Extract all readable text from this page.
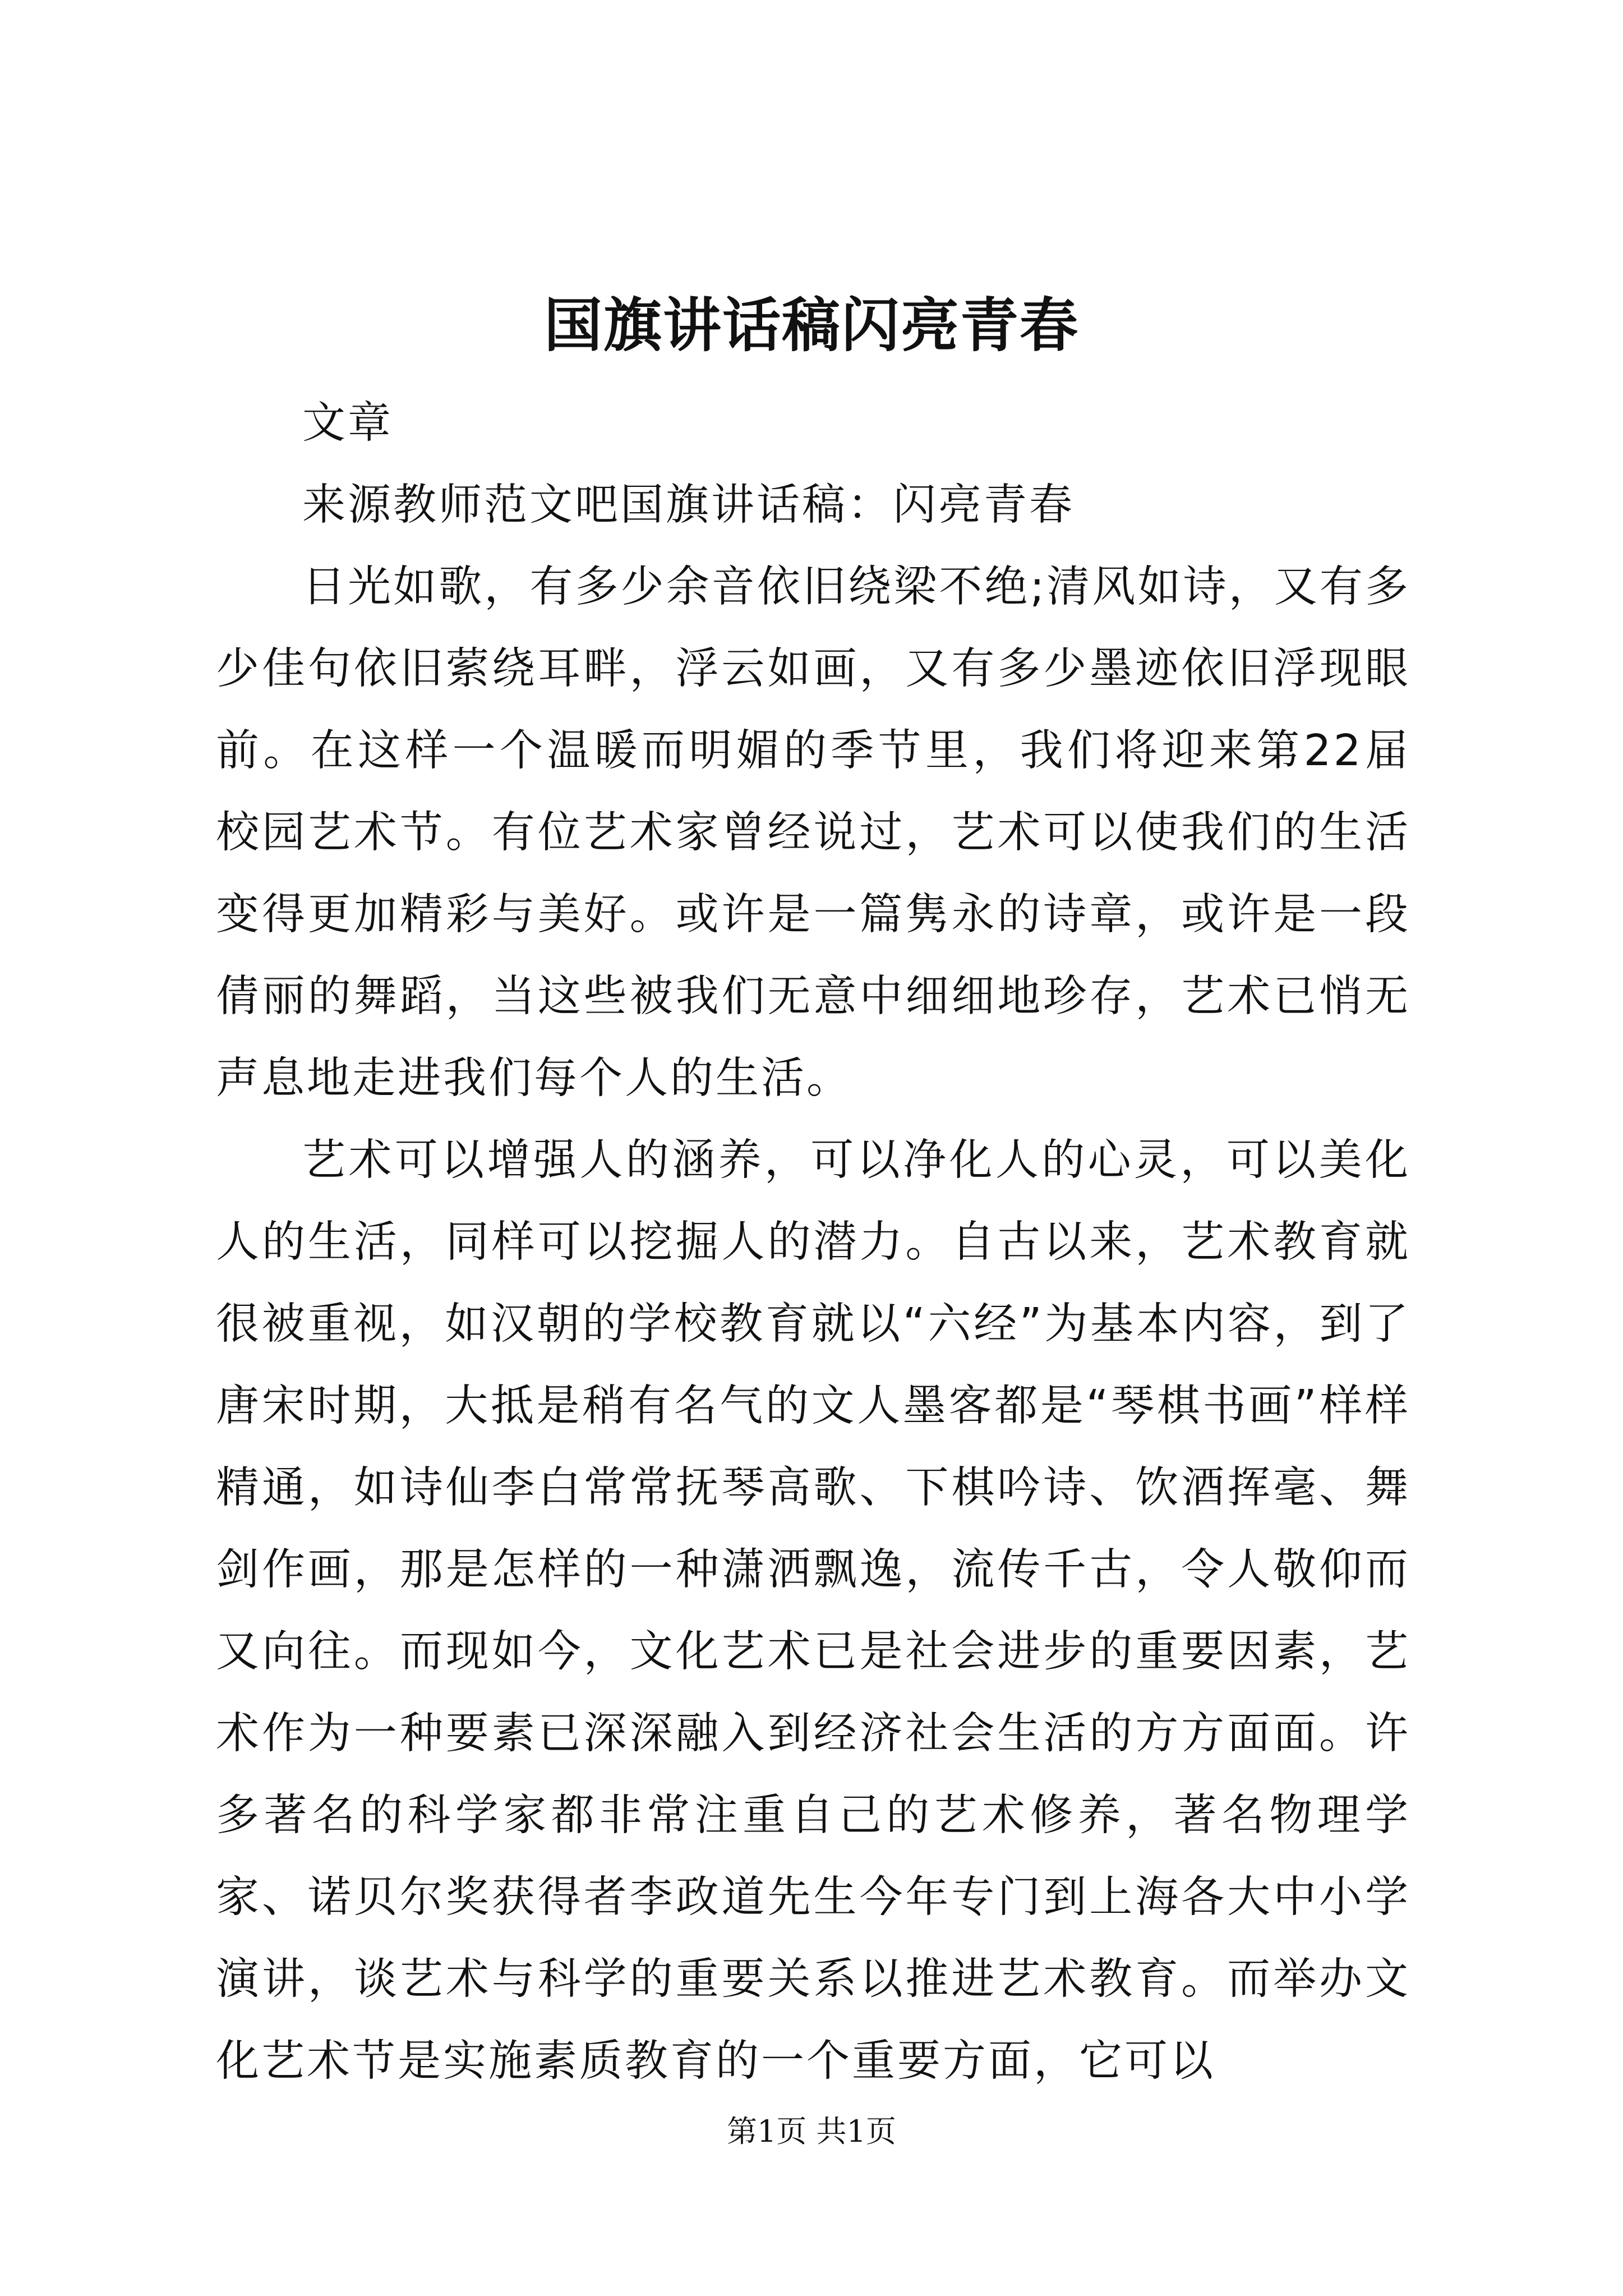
国旗讲话稿闪亮青春

文章

来源教师范文吧国旗讲话稿：闪亮青春

日光如歌，有多少余音依旧绕梁不绝;清风如诗，又有多少佳句依旧萦绕耳畔，浮云如画，又有多少墨迹依旧浮现眼前。在这样一个温暖而明媚的季节里，我们将迎来第22届校园艺术节。有位艺术家曾经说过，艺术可以使我们的生活变得更加精彩与美好。或许是一篇隽永的诗章，或许是一段倩丽的舞蹈，当这些被我们无意中细细地珍存，艺术已悄无声息地走进我们每个人的生活。

艺术可以增强人的涵养，可以净化人的心灵，可以美化人的生活，同样可以挖掘人的潜力。自古以来，艺术教育就很被重视，如汉朝的学校教育就以“六经”为基本内容，到了唐宋时期，大抵是稍有名气的文人墨客都是“琴棋书画”样样精通，如诗仙李白常常抚琴高歌、下棋吟诗、饮酒挥毫、舞剑作画，那是怎样的一种潇洒飘逸，流传千古，令人敬仰而又向往。而现如今，文化艺术已是社会进步的重要因素，艺术作为一种要素已深深融入到经济社会生活的方方面面。许多著名的科学家都非常注重自己的艺术修养，著名物理学家、诺贝尔奖获得者李政道先生今年专门到上海各大中小学演讲，谈艺术与科学的重要关系以推进艺术教育。而举办文化艺术节是实施素质教育的一个重要方面，它可以

第1页 共1页
